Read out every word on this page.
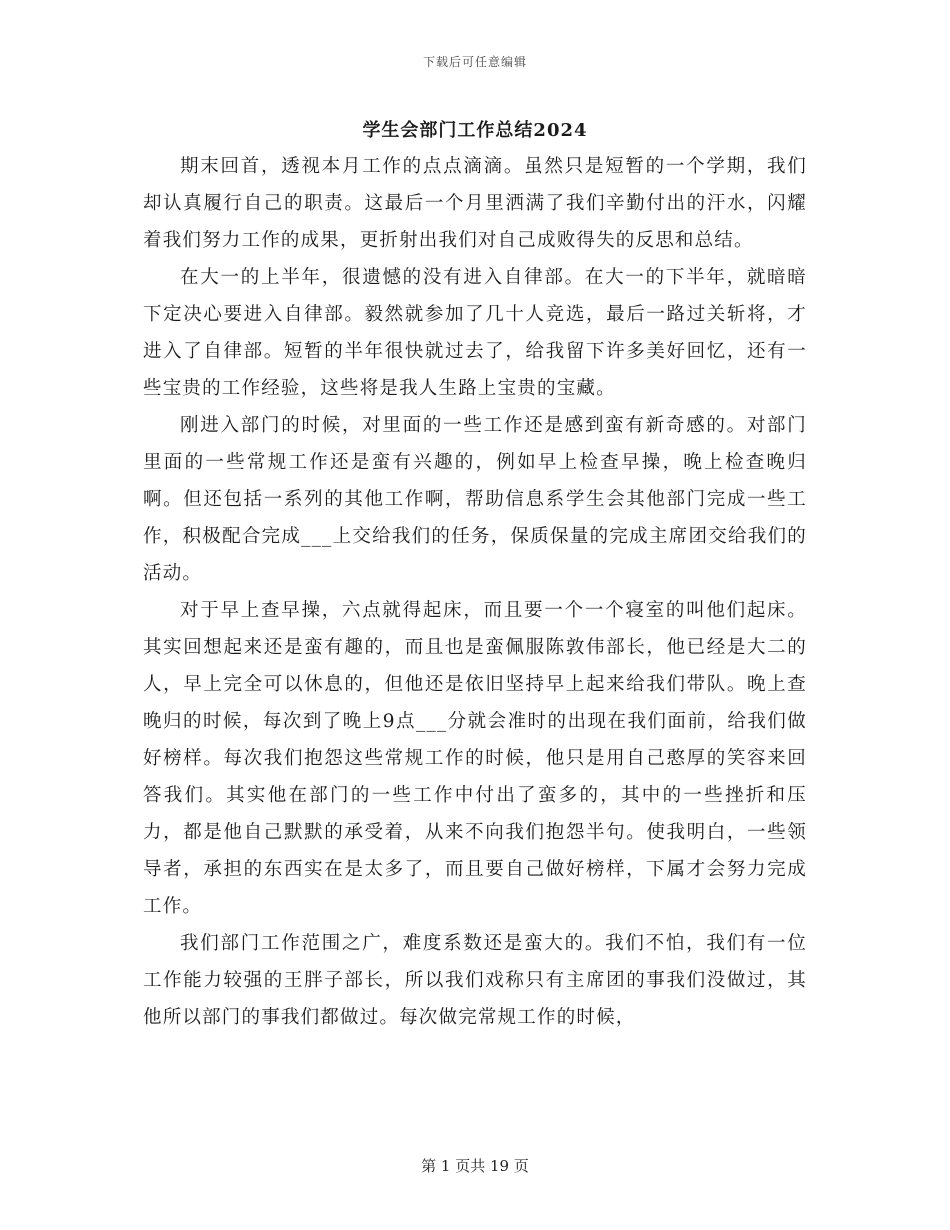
下载后可任意编辑
学生会部门工作总结2024

期末回首，透视本月工作的点点滴滴。虽然只是短暂的一个学期，我们却认真履行自己的职责。这最后一个月里洒满了我们辛勤付出的汗水，闪耀着我们努力工作的成果，更折射出我们对自己成败得失的反思和总结。

在大一的上半年，很遗憾的没有进入自律部。在大一的下半年，就暗暗下定决心要进入自律部。毅然就参加了几十人竞选，最后一路过关斩将，才进入了自律部。短暂的半年很快就过去了，给我留下许多美好回忆，还有一些宝贵的工作经验，这些将是我人生路上宝贵的宝藏。

刚进入部门的时候，对里面的一些工作还是感到蛮有新奇感的。对部门里面的一些常规工作还是蛮有兴趣的，例如早上检查早操，晚上检查晚归啊。但还包括一系列的其他工作啊，帮助信息系学生会其他部门完成一些工作，积极配合完成___上交给我们的任务，保质保量的完成主席团交给我们的活动。

对于早上查早操，六点就得起床，而且要一个一个寝室的叫他们起床。其实回想起来还是蛮有趣的，而且也是蛮佩服陈敦伟部长，他已经是大二的人，早上完全可以休息的，但他还是依旧坚持早上起来给我们带队。晚上查晚归的时候，每次到了晚上9点___分就会准时的出现在我们面前，给我们做好榜样。每次我们抱怨这些常规工作的时候，他只是用自己憨厚的笑容来回答我们。其实他在部门的一些工作中付出了蛮多的，其中的一些挫折和压力，都是他自己默默的承受着，从来不向我们抱怨半句。使我明白，一些领导者，承担的东西实在是太多了，而且要自己做好榜样，下属才会努力完成工作。

我们部门工作范围之广，难度系数还是蛮大的。我们不怕，我们有一位工作能力较强的王胖子部长，所以我们戏称只有主席团的事我们没做过，其他所以部门的事我们都做过。每次做完常规工作的时候，

第 1 页共 19 页
